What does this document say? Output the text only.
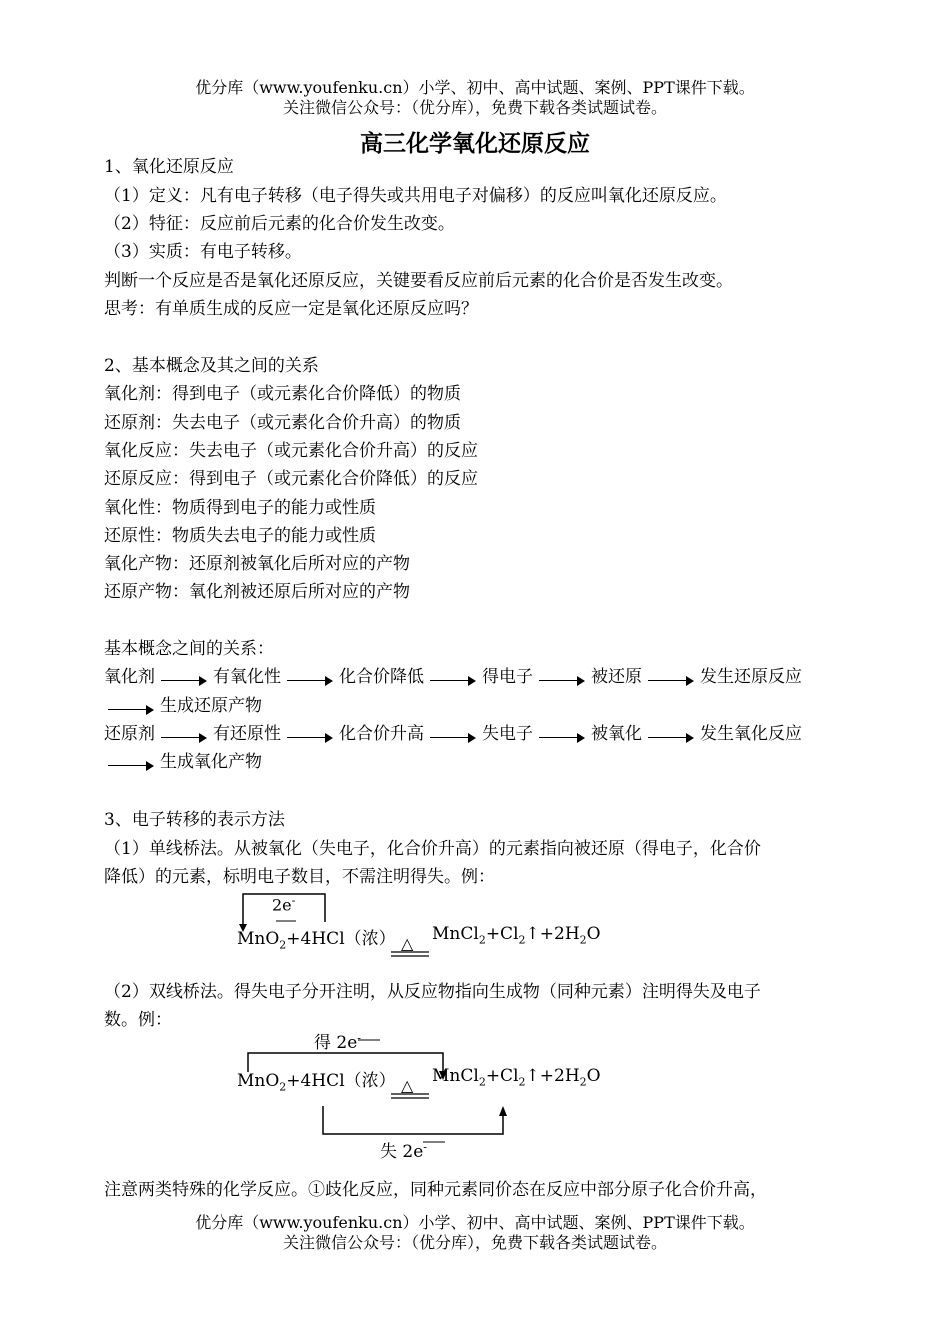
优分库（www.youfenku.cn）小学、初中、高中试题、案例、PPT课件下载。
关注微信公众号：（优分库），免费下载各类试题试卷。
高三化学氧化还原反应
1、氧化还原反应
（1）定义：凡有电子转移（电子得失或共用电子对偏移）的反应叫氧化还原反应。
（2）特征：反应前后元素的化合价发生改变。
（3）实质：有电子转移。
判断一个反应是否是氧化还原反应，关键要看反应前后元素的化合价是否发生改变。
思考：有单质生成的反应一定是氧化还原反应吗？
2、基本概念及其之间的关系
氧化剂：得到电子（或元素化合价降低）的物质
还原剂：失去电子（或元素化合价升高）的物质
氧化反应：失去电子（或元素化合价升高）的反应
还原反应：得到电子（或元素化合价降低）的反应
氧化性：物质得到电子的能力或性质
还原性：物质失去电子的能力或性质
氧化产物：还原剂被氧化后所对应的产物
还原产物：氧化剂被还原后所对应的产物
基本概念之间的关系：
氧化剂	有氧化性	化合价降低	得电子	被还原	发生还原反应
生成还原产物
还原剂	有还原性	化合价升高	失电子	被氧化	发生氧化反应
生成氧化产物
3、电子转移的表示方法
（1）单线桥法。从被氧化（失电子，化合价升高）的元素指向被还原（得电子，化合价
降低）的元素，标明电子数目，不需注明得失。例：
2e-
MnO$_2$+4HCl（浓） △ $MnCl_2+Cl_2↑+2H_2O$
（2）双线桥法。得失电子分开注明，从反应物指向生成物（同种元素）注明得失及电子
数。例：
得 2e-
MnO$_2$+4HCl（浓） △ $MnCl_2+Cl_2↑+2H_2O$
失 2e-
注意两类特殊的化学反应。①歧化反应，同种元素同价态在反应中部分原子化合价升高，
优分库（www.youfenku.cn）小学、初中、高中试题、案例、PPT课件下载。
关注微信公众号：（优分库），免费下载各类试题试卷。
